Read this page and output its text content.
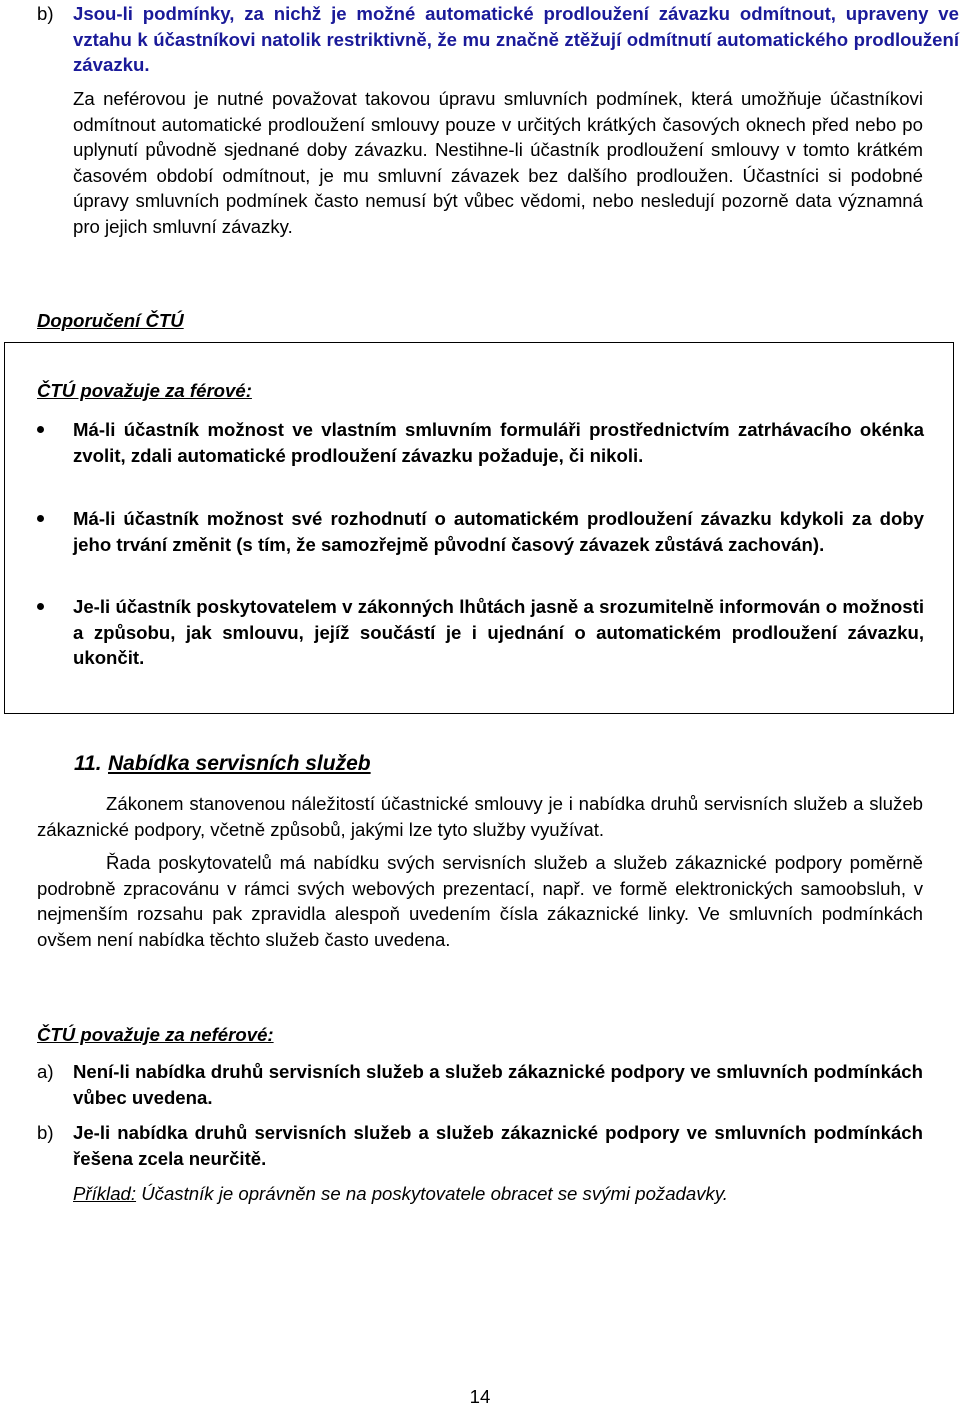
b) Jsou-li podmínky, za nichž je možné automatické prodloužení závazku odmítnout, upraveny ve vztahu k účastníkovi natolik restriktivně, že mu značně ztěžují odmítnutí automatického prodloužení závazku.
Za neférovou je nutné považovat takovou úpravu smluvních podmínek, která umožňuje účastníkovi odmítnout automatické prodloužení smlouvy pouze v určitých krátkých časových oknech před nebo po uplynutí původně sjednané doby závazku. Nestihne-li účastník prodloužení smlouvy v tomto krátkém časovém období odmítnout, je mu smluvní závazek bez dalšího prodloužen. Účastníci si podobné úpravy smluvních podmínek často nemusí být vůbec vědomi, nebo nesledují pozorně data významná pro jejich smluvní závazky.
Doporučení ČTÚ
ČTÚ považuje za férové:
Má-li účastník možnost ve vlastním smluvním formuláři prostřednictvím zatrhávacího okénka zvolit, zdali automatické prodloužení závazku požaduje, či nikoli.
Má-li účastník možnost své rozhodnutí o automatickém prodloužení závazku kdykoli za doby jeho trvání změnit (s tím, že samozřejmě původní časový závazek zůstává zachován).
Je-li účastník poskytovatelem v zákonných lhůtách jasně a srozumitelně informován o možnosti a způsobu, jak smlouvu, jejíž součástí je i ujednání o automatickém prodloužení závazku, ukončit.
11. Nabídka servisních služeb
Zákonem stanovenou náležitostí účastnické smlouvy je i nabídka druhů servisních služeb a služeb zákaznické podpory, včetně způsobů, jakými lze tyto služby využívat.
Řada poskytovatelů má nabídku svých servisních služeb a služeb zákaznické podpory poměrně podrobně zpracovánu v rámci svých webových prezentací, např. ve formě elektronických samoobsluh, v nejmenším rozsahu pak zpravidla alespoň uvedením čísla zákaznické linky. Ve smluvních podmínkách ovšem není nabídka těchto služeb často uvedena.
ČTÚ považuje za neférové:
a) Není-li nabídka druhů servisních služeb a služeb zákaznické podpory ve smluvních podmínkách vůbec uvedena.
b) Je-li nabídka druhů servisních služeb a služeb zákaznické podpory ve smluvních podmínkách řešena zcela neurčitě.
Příklad: Účastník je oprávněn se na poskytovatele obracet se svými požadavky.
14
